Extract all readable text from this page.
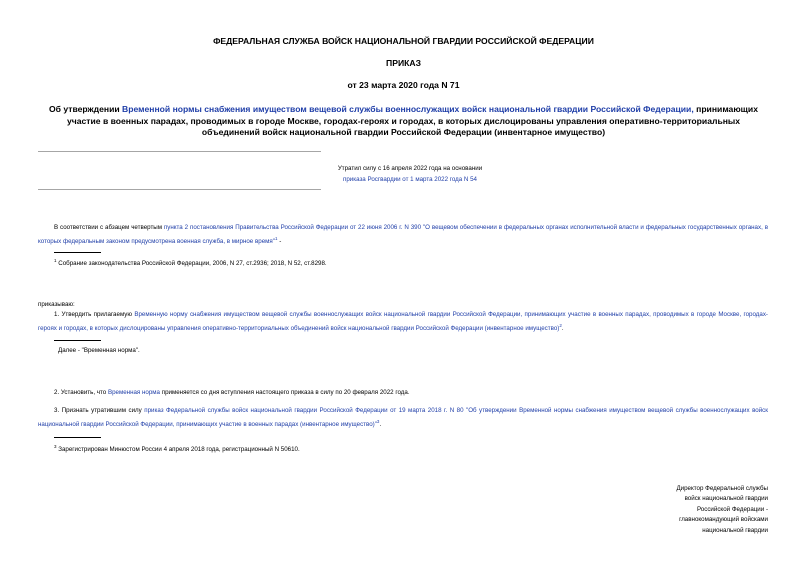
ФЕДЕРАЛЬНАЯ СЛУЖБА ВОЙСК НАЦИОНАЛЬНОЙ ГВАРДИИ РОССИЙСКОЙ ФЕДЕРАЦИИ
ПРИКАЗ
от 23 марта 2020 года N 71
Об утверждении Временной нормы снабжения имуществом вещевой службы военнослужащих войск национальной гвардии Российской Федерации, принимающих участие в военных парадах, проводимых в городе Москве, городах-героях и городах, в которых дислоцированы управления оперативно-территориальных объединений войск национальной гвардии Российской Федерации (инвентарное имущество)
Утратил силу с 16 апреля 2022 года на основании
приказа Росгвардии от 1 марта 2022 года N 54
В соответствии с абзацем четвертым пункта 2 постановления Правительства Российской Федерации от 22 июня 2006 г. N 390 "О вещевом обеспечении в федеральных органах исполнительной власти и федеральных государственных органах, в которых федеральным законом предусмотрена военная служба, в мирное время"$^1$ -
$^1$ Собрание законодательства Российской Федерации, 2006, N 27, ст.2936; 2018, N 52, ст.8298.
приказываю:
1. Утвердить прилагаемую Временную норму снабжения имуществом вещевой службы военнослужащих войск национальной гвардии Российской Федерации, принимающих участие в военных парадах, проводимых в городе Москве, городах-героях и городах, в которых дислоцированы управления оперативно-территориальных объединений войск национальной гвардии Российской Федерации (инвентарное имущество)$^2$.
Далее - "Временная норма".
2. Установить, что Временная норма применяется со дня вступления настоящего приказа в силу по 20 февраля 2022 года.
3. Признать утратившим силу приказ Федеральной службы войск национальной гвардии Российской Федерации от 19 марта 2018 г. N 80 "Об утверждении Временной нормы снабжения имуществом вещевой службы военнослужащих войск национальной гвардии Российской Федерации, принимающих участие в военных парадах (инвентарное имущество)"$^3$.
$^3$ Зарегистрирован Минюстом России 4 апреля 2018 года, регистрационный N 50610.
Директор Федеральной службы
войск национальной гвардии
Российской Федерации -
главнокомандующий войсками
национальной гвардии
